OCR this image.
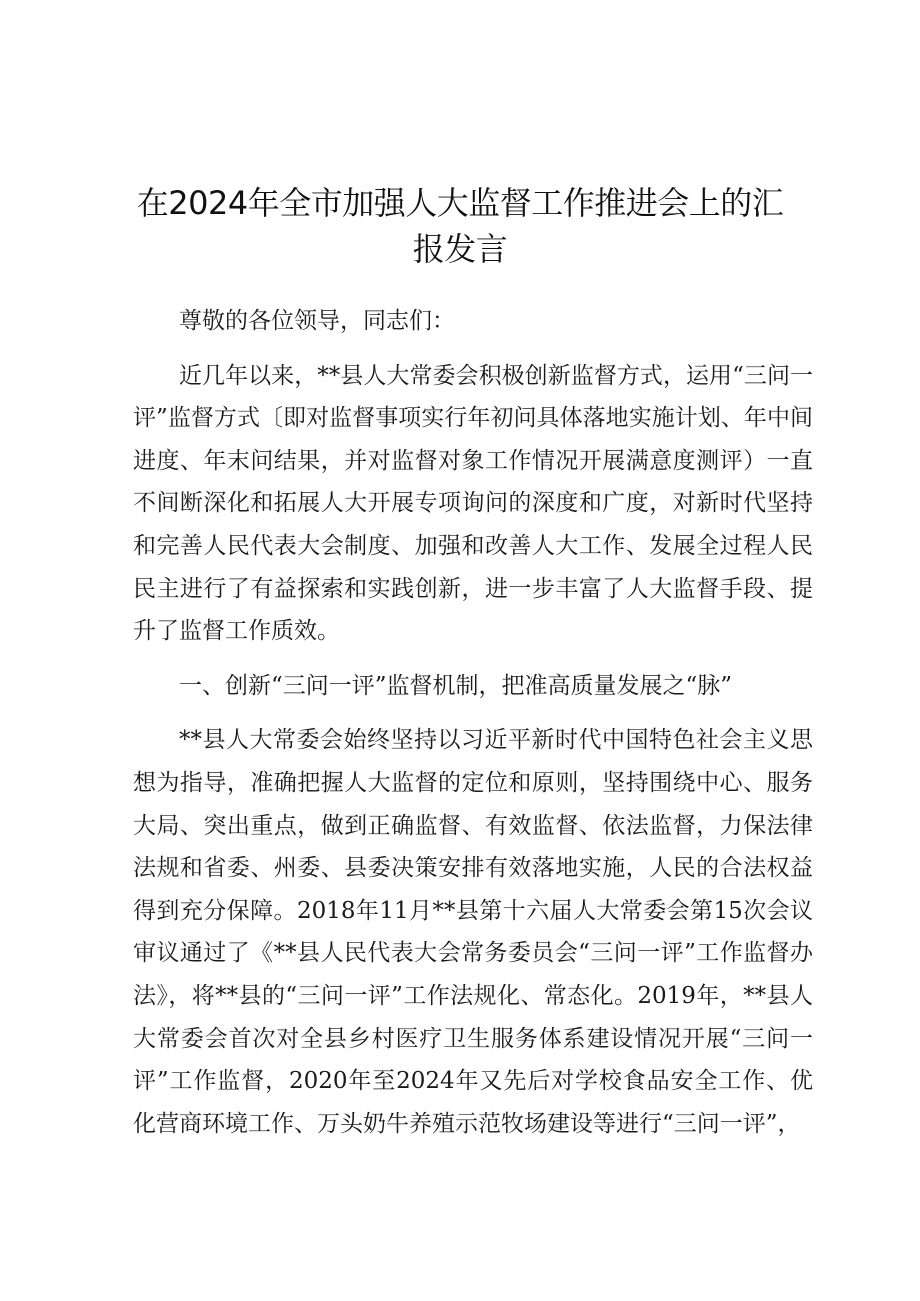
在2024年全市加强人大监督工作推进会上的汇报发言

尊敬的各位领导，同志们：

近几年以来，**县人大常委会积极创新监督方式，运用“三问一评”监督方式〔即对监督事项实行年初问具体落地实施计划、年中间进度、年末问结果，并对监督对象工作情况开展满意度测评）一直不间断深化和拓展人大开展专项询问的深度和广度，对新时代坚持和完善人民代表大会制度、加强和改善人大工作、发展全过程人民民主进行了有益探索和实践创新，进一步丰富了人大监督手段、提升了监督工作质效。

一、创新“三问一评”监督机制，把准高质量发展之“脉”

**县人大常委会始终坚持以习近平新时代中国特色社会主义思想为指导，准确把握人大监督的定位和原则，坚持围绕中心、服务大局、突出重点，做到正确监督、有效监督、依法监督，力保法律法规和省委、州委、县委决策安排有效落地实施，人民的合法权益得到充分保障。2018年11月**县第十六届人大常委会第15次会议审议通过了《**县人民代表大会常务委员会“三问一评”工作监督办法》，将**县的“三问一评”工作法规化、常态化。2019年，**县人大常委会首次对全县乡村医疗卫生服务体系建设情况开展“三问一评”工作监督，2020年至2024年又先后对学校食品安全工作、优化营商环境工作、万头奶牛养殖示范牧场建设等进行“三问一评”，
